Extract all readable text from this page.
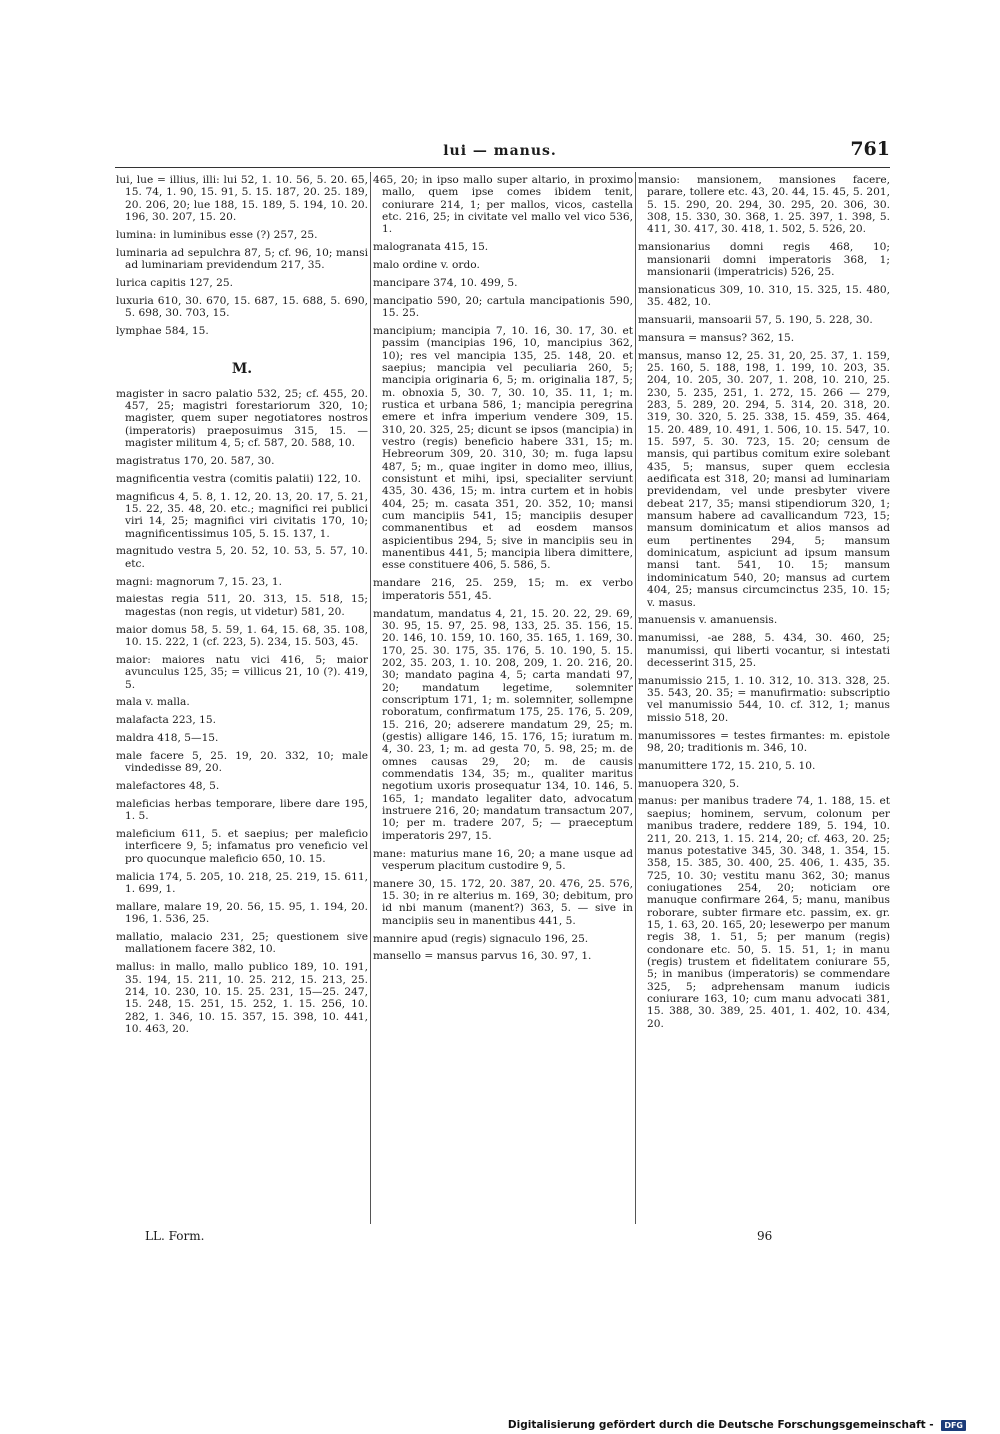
lui — manus.	761
lui, lue = illius, illi: lui 52, 1. 10. 56, 5. 20. 65, 15. 74, 1. 90, 15. 91, 5. 15. 187, 20. 25. 189, 20. 206, 20; lue 188, 15. 189, 5. 194, 10. 20. 196, 30. 207, 15. 20.
lumina: in luminibus esse (?) 257, 25.
luminaria ad sepulchra 87, 5; cf. 96, 10; mansi ad luminariam previdendum 217, 35.
lurica capitis 127, 25.
luxuria 610, 30. 670, 15. 687, 15. 688, 5. 690, 5. 698, 30. 703, 15.
lymphae 584, 15.
M.
magister in sacro palatio 532, 25; cf. 455, 20. 457, 25; magistri forestariorum 320, 10; magister, quem super negotiatores nostros (imperatoris) praeposuimus 315, 15. — magister militum 4, 5; cf. 587, 20. 588, 10.
magistratus 170, 20. 587, 30.
magnificentia vestra (comitis palatii) 122, 10.
magnificus 4, 5. 8, 1. 12, 20. 13, 20. 17, 5. 21, 15. 22, 35. 48, 20. etc.; magnifici rei publici viri 14, 25; magnifici viri civitatis 170, 10; magnificentissimus 105, 5. 15. 137, 1.
magnitudo vestra 5, 20. 52, 10. 53, 5. 57, 10. etc.
magni: magnorum 7, 15. 23, 1.
maiestas regia 511, 20. 313, 15. 518, 15; magestas (non regis, ut videtur) 581, 20.
maior domus 58, 5. 59, 1. 64, 15. 68, 35. 108, 10. 15. 222, 1 (cf. 223, 5). 234, 15. 503, 45.
maior: maiores natu vici 416, 5; maior avunculus 125, 35; = villicus 21, 10 (?). 419, 5.
mala v. malla.
malafacta 223, 15.
maldra 418, 5—15.
male facere 5, 25. 19, 20. 332, 10; male vindedisse 89, 20.
malefactores 48, 5.
maleficias herbas temporare, libere dare 195, 1. 5.
maleficium 611, 5. et saepius; per maleficio interficere 9, 5; infamatus pro venefıcio vel pro quocunque maleficio 650, 10. 15.
malicia 174, 5. 205, 10. 218, 25. 219, 15. 611, 1. 699, 1.
mallare, malare 19, 20. 56, 15. 95, 1. 194, 20. 196, 1. 536, 25.
mallatio, malacio 231, 25; questionem sive mallationem facere 382, 10.
mallus: in mallo, mallo publico 189, 10. 191, 35. 194, 15. 211, 10. 25. 212, 15. 213, 25. 214, 10. 230, 10. 15. 25. 231, 15—25. 247, 15. 248, 15. 251, 15. 252, 1. 15. 256, 10. 282, 1. 346, 10. 15. 357, 15. 398, 10. 441, 10. 463, 20.
465, 20; in ipso mallo super altario, in proximo mallo, quem ipse comes ibidem tenit, coniurare 214, 1; per mallos, vicos, castella etc. 216, 25; in civitate vel mallo vel vico 536, 1.
malogranata 415, 15.
malo ordine v. ordo.
mancipare 374, 10. 499, 5.
mancipatio 590, 20; cartula mancipationis 590, 15. 25.
mancipium; mancipia 7, 10. 16, 30. 17, 30. et passim (mancipias 196, 10, mancipius 362, 10); res vel mancipia 135, 25. 148, 20. et saepius; mancipia vel peculiaria 260, 5; mancipia originaria 6, 5; m. originalia 187, 5; m. obnoxia 5, 30. 7, 30. 10, 35. 11, 1; m. rustica et urbana 586, 1; mancipia peregrina emere et infra imperium vendere 309, 15. 310, 20. 325, 25; dicunt se ipsos (mancipia) in vestro (regis) beneficio habere 331, 15; m. Hebreorum 309, 20. 310, 30; m. fuga lapsu 487, 5; m., quae ingiter in domo meo, illius, consistunt et mihi, ipsi, specialiter serviunt 435, 30. 436, 15; m. intra curtem et in hobis 404, 25; m. casata 351, 20. 352, 10; mansi cum mancipiis 541, 15; mancipiis desuper commanentibus et ad eosdem mansos aspicientibus 294, 5; sive in mancipiis seu in manentibus 441, 5; mancipia libera dimittere, esse constituere 406, 5. 586, 5.
mandare 216, 25. 259, 15; m. ex verbo imperatoris 551, 45.
mandatum, mandatus 4, 21, 15. 20. 22, 29. 69, 30. 95, 15. 97, 25. 98, 133, 25. 35. 156, 15. 20. 146, 10. 159, 10. 160, 35. 165, 1. 169, 30. 170, 25. 30. 175, 35. 176, 5. 10. 190, 5. 15. 202, 35. 203, 1. 10. 208, 209, 1. 20. 216, 20. 30; mandato pagina 4, 5; carta mandati 97, 20; mandatum legetime, solemniter conscriptum 171, 1; m. solemniter, sollempne roboratum, confirmatum 175, 25. 176, 5. 209, 15. 216, 20; adserere mandatum 29, 25; m. (gestis) alligare 146, 15. 176, 15; iuratum m. 4, 30. 23, 1; m. ad gesta 70, 5. 98, 25; m. de omnes causas 29, 20; m. de causis commendatis 134, 35; m., qualiter maritus negotium uxoris prosequatur 134, 10. 146, 5. 165, 1; mandato legaliter dato, advocatum instruere 216, 20; mandatum transactum 207, 10; per m. tradere 207, 5; — praeceptum imperatoris 297, 15.
mane: maturius mane 16, 20; a mane usque ad vesperum placitum custodire 9, 5.
manere 30, 15. 172, 20. 387, 20. 476, 25. 576, 15. 30; in re alterius m. 169, 30; debitum, pro id nbi manum (manent?) 363, 5. — sive in mancipiis seu in manentibus 441, 5.
mannire apud (regis) signaculo 196, 25.
mansello = mansus parvus 16, 30. 97, 1.
mansio: mansionem, mansiones facere, parare, tollere etc. 43, 20. 44, 15. 45, 5. 201, 5. 15. 290, 20. 294, 30. 295, 20. 306, 30. 308, 15. 330, 30. 368, 1. 25. 397, 1. 398, 5. 411, 30. 417, 30. 418, 1. 502, 5. 526, 20.
mansionarius domni regis 468, 10; mansionarii domni imperatoris 368, 1; mansionarii (imperatricis) 526, 25.
mansionaticus 309, 10. 310, 15. 325, 15. 480, 35. 482, 10.
mansuarii, mansoarii 57, 5. 190, 5. 228, 30.
mansura = mansus? 362, 15.
mansus, manso 12, 25. 31, 20, 25. 37, 1. 159, 25. 160, 5. 188, 198, 1. 199, 10. 203, 35. 204, 10. 205, 30. 207, 1. 208, 10. 210, 25. 230, 5. 235, 251, 1. 272, 15. 266 — 279, 283, 5. 289, 20. 294, 5. 314, 20. 318, 20. 319, 30. 320, 5. 25. 338, 15. 459, 35. 464, 15. 20. 489, 10. 491, 1. 506, 10. 15. 547, 10. 15. 597, 5. 30. 723, 15. 20; censum de mansis, qui partibus comitum exire solebant 435, 5; mansus, super quem ecclesia aedificata est 318, 20; mansi ad luminariam previdendam, vel unde presbyter vivere debeat 217, 35; mansi stipendiorum 320, 1; mansum habere ad cavallicandum 723, 15; mansum dominicatum et alios mansos ad eum pertinentes 294, 5; mansum dominicatum, aspiciunt ad ipsum mansum mansi tant. 541, 10. 15; mansum indominicatum 540, 20; mansus ad curtem 404, 25; mansus circumcinctus 235, 10. 15; v. masus.
manuensis v. amanuensis.
manumissi, -ae 288, 5. 434, 30. 460, 25; manumissi, qui liberti vocantur, si intestati decesserint 315, 25.
manumissio 215, 1. 10. 312, 10. 313. 328, 25. 35. 543, 20. 35; = manufirmatio: subscriptio vel manumissio 544, 10. cf. 312, 1; manus missio 518, 20.
manumissores = testes firmantes: m. epistole 98, 20; traditionis m. 346, 10.
manumittere 172, 15. 210, 5. 10.
manuopera 320, 5.
manus: per manibus tradere 74, 1. 188, 15. et saepius; hominem, servum, colonum per manibus tradere, reddere 189, 5. 194, 10. 211, 20. 213, 1. 15. 214, 20; cf. 463, 20. 25; manus potestative 345, 30. 348, 1. 354, 15. 358, 15. 385, 30. 400, 25. 406, 1. 435, 35. 725, 10. 30; vestitu manu 362, 30; manus coniugationes 254, 20; noticiam ore manuque confirmare 264, 5; manu, manibus roborare, subter firmare etc. passim, ex. gr. 15, 1. 63, 20. 165, 20; lesewerpo per manum regis 38, 1. 51, 5; per manum (regis) condonare etc. 50, 5. 15. 51, 1; in manu (regis) trustem et fidelitatem coniurare 55, 5; in manibus (imperatoris) se commendare 325, 5; adprehensam manum iudicis coniurare 163, 10; cum manu advocati 381, 15. 388, 30. 389, 25. 401, 1. 402, 10. 434, 20.
LL. Form.	96
Digitalisierung gefördert durch die Deutsche Forschungsgemeinschaft - DFG
